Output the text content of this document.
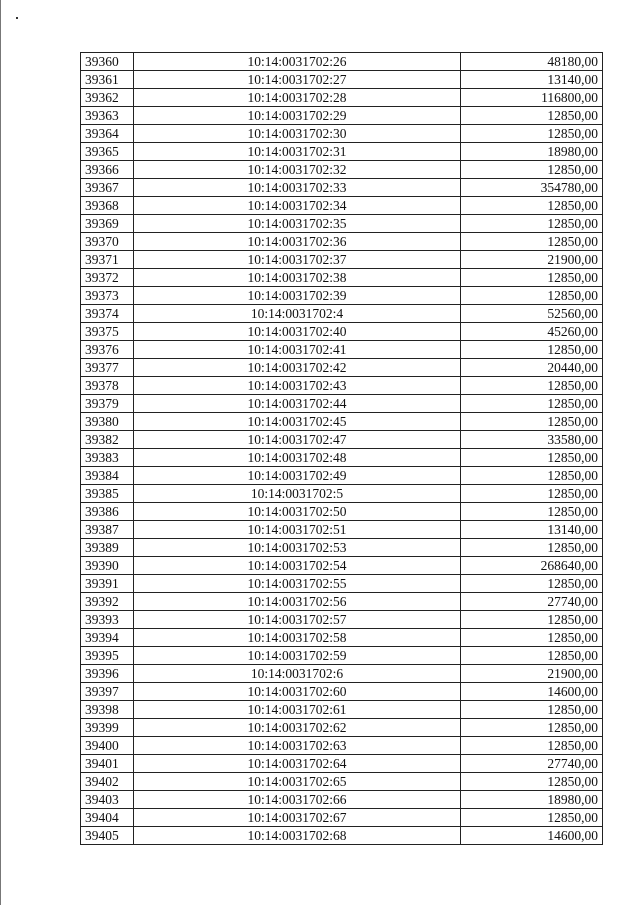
39360	10:14:0031702:26	48180,00
39361	10:14:0031702:27	13140,00
39362	10:14:0031702:28	116800,00
39363	10:14:0031702:29	12850,00
39364	10:14:0031702:30	12850,00
39365	10:14:0031702:31	18980,00
39366	10:14:0031702:32	12850,00
39367	10:14:0031702:33	354780,00
39368	10:14:0031702:34	12850,00
39369	10:14:0031702:35	12850,00
39370	10:14:0031702:36	12850,00
39371	10:14:0031702:37	21900,00
39372	10:14:0031702:38	12850,00
39373	10:14:0031702:39	12850,00
39374	10:14:0031702:4	52560,00
39375	10:14:0031702:40	45260,00
39376	10:14:0031702:41	12850,00
39377	10:14:0031702:42	20440,00
39378	10:14:0031702:43	12850,00
39379	10:14:0031702:44	12850,00
39380	10:14:0031702:45	12850,00
39382	10:14:0031702:47	33580,00
39383	10:14:0031702:48	12850,00
39384	10:14:0031702:49	12850,00
39385	10:14:0031702:5	12850,00
39386	10:14:0031702:50	12850,00
39387	10:14:0031702:51	13140,00
39389	10:14:0031702:53	12850,00
39390	10:14:0031702:54	268640,00
39391	10:14:0031702:55	12850,00
39392	10:14:0031702:56	27740,00
39393	10:14:0031702:57	12850,00
39394	10:14:0031702:58	12850,00
39395	10:14:0031702:59	12850,00
39396	10:14:0031702:6	21900,00
39397	10:14:0031702:60	14600,00
39398	10:14:0031702:61	12850,00
39399	10:14:0031702:62	12850,00
39400	10:14:0031702:63	12850,00
39401	10:14:0031702:64	27740,00
39402	10:14:0031702:65	12850,00
39403	10:14:0031702:66	18980,00
39404	10:14:0031702:67	12850,00
39405	10:14:0031702:68	14600,00
